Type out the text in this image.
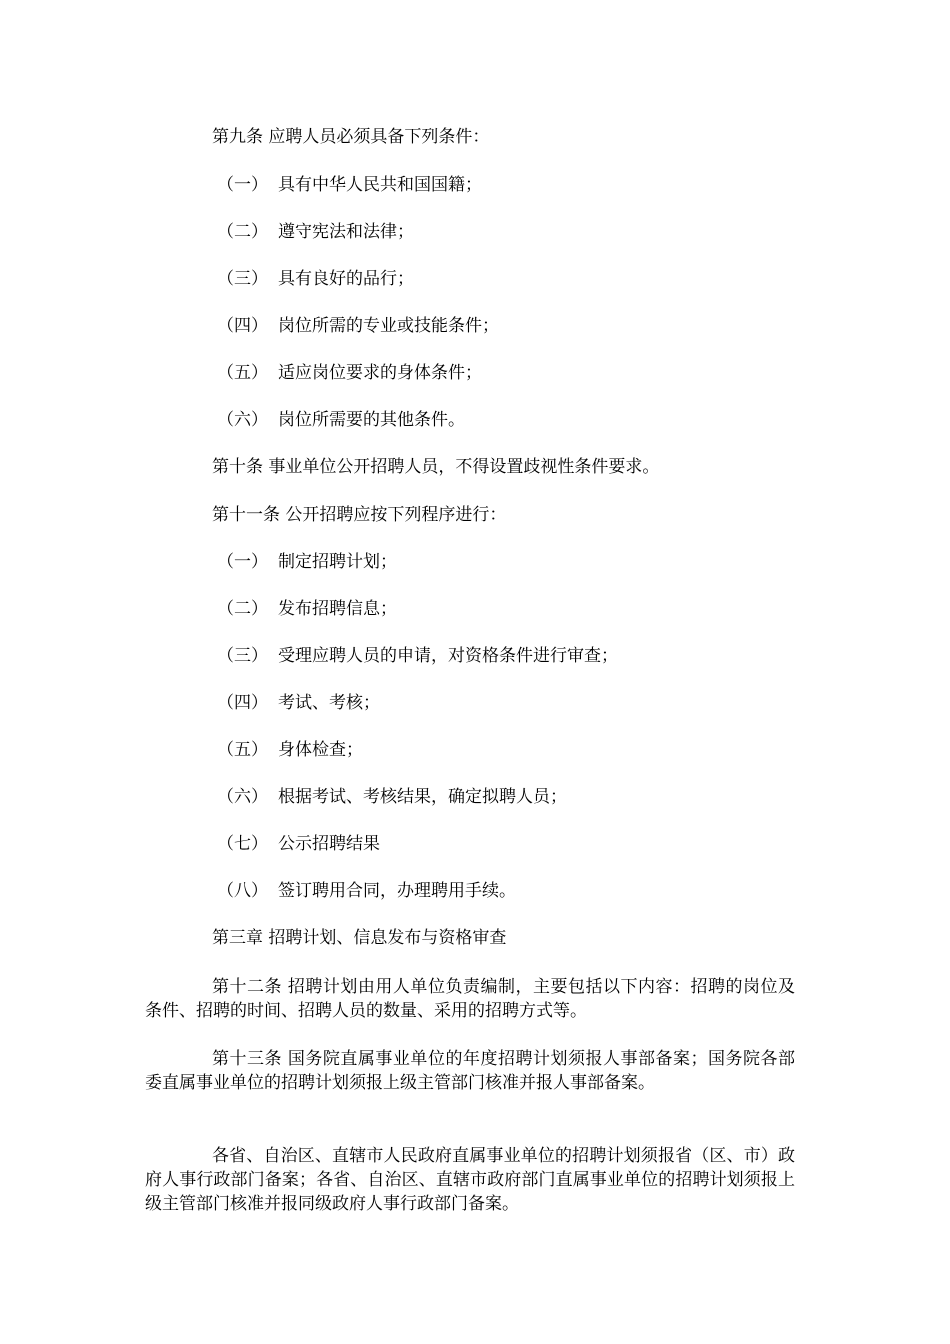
第九条 应聘人员必须具备下列条件：
（一） 具有中华人民共和国国籍；
（二） 遵守宪法和法律；
（三） 具有良好的品行；
（四） 岗位所需的专业或技能条件；
（五） 适应岗位要求的身体条件；
（六） 岗位所需要的其他条件。
第十条 事业单位公开招聘人员，不得设置歧视性条件要求。
第十一条 公开招聘应按下列程序进行：
（一） 制定招聘计划；
（二） 发布招聘信息；
（三） 受理应聘人员的申请，对资格条件进行审查；
（四） 考试、考核；
（五） 身体检查；
（六） 根据考试、考核结果，确定拟聘人员；
（七） 公示招聘结果
（八） 签订聘用合同，办理聘用手续。
第三章 招聘计划、信息发布与资格审查
第十二条 招聘计划由用人单位负责编制，主要包括以下内容：招聘的岗位及条件、招聘的时间、招聘人员的数量、采用的招聘方式等。
第十三条 国务院直属事业单位的年度招聘计划须报人事部备案；国务院各部委直属事业单位的招聘计划须报上级主管部门核准并报人事部备案。
各省、自治区、直辖市人民政府直属事业单位的招聘计划须报省（区、市）政府人事行政部门备案；各省、自治区、直辖市政府部门直属事业单位的招聘计划须报上级主管部门核准并报同级政府人事行政部门备案。
